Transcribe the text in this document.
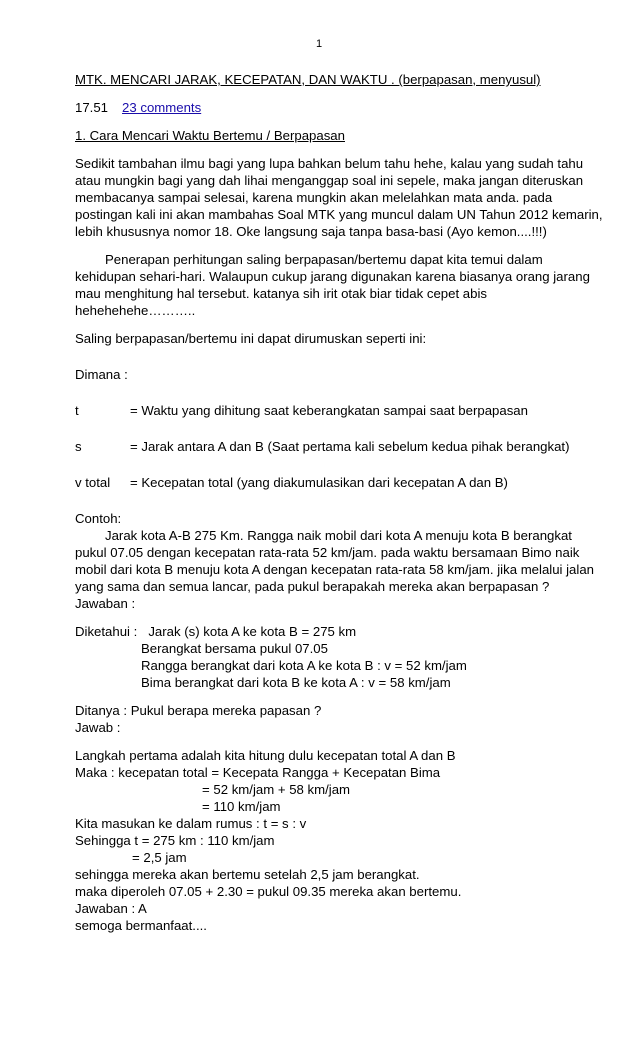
1
MTK. MENCARI JARAK, KECEPATAN, DAN WAKTU . (berpapasan, menyusul)
17.51 23 comments
1. Cara Mencari Waktu Bertemu / Berpapasan

Sedikit tambahan ilmu bagi yang lupa bahkan belum tahu hehe, kalau yang sudah tahu atau mungkin bagi yang dah lihai menganggap soal ini sepele, maka jangan diteruskan membacanya sampai selesai, karena mungkin akan melelahkan mata anda. pada postingan kali ini akan mambahas Soal MTK yang muncul dalam UN Tahun 2012 kemarin, lebih khususnya nomor 18. Oke langsung saja tanpa basa-basi (Ayo kemon....!!!)

Penerapan perhitungan saling berpapasan/bertemu dapat kita temui dalam kehidupan sehari-hari. Walaupun cukup jarang digunakan karena biasanya orang jarang mau menghitung hal tersebut. katanya sih irit otak biar tidak cepet abis hehehehehe………..

Saling berpapasan/bertemu ini dapat dirumuskan seperti ini:

Dimana :

t	= Waktu yang dihitung saat keberangkatan sampai saat berpapasan
s	= Jarak antara A dan B (Saat pertama kali sebelum kedua pihak berangkat)
v total	= Kecepatan total (yang diakumulasikan dari kecepatan A dan B)
Contoh:
Jarak kota A-B 275 Km. Rangga naik mobil dari kota A menuju kota B berangkat pukul 07.05 dengan kecepatan rata-rata 52 km/jam. pada waktu bersamaan Bimo naik mobil dari kota B menuju kota A dengan kecepatan rata-rata 58 km/jam. jika melalui jalan yang sama dan semua lancar, pada pukul berapakah mereka akan berpapasan ?

Jawaban :

Diketahui : Jarak (s) kota A ke kota B = 275 km
Berangkat bersama pukul 07.05
Rangga berangkat dari kota A ke kota B : v = 52 km/jam

Bima berangkat dari kota B ke kota A : v = 58 km/jam

Ditanya : Pukul berapa mereka papasan ?

Jawab :

Langkah pertama adalah kita hitung dulu kecepatan total A dan B
Maka : kecepatan total = Kecepata Rangga + Kecepatan Bima
= 52 km/jam + 58 km/jam
= 110 km/jam
Kita masukan ke dalam rumus : t = s : v
Sehingga t = 275 km : 110 km/jam
= 2,5 jam
sehingga mereka akan bertemu setelah 2,5 jam berangkat.
maka diperoleh 07.05 + 2.30 = pukul 09.35 mereka akan bertemu.
Jawaban : A
semoga bermanfaat....
